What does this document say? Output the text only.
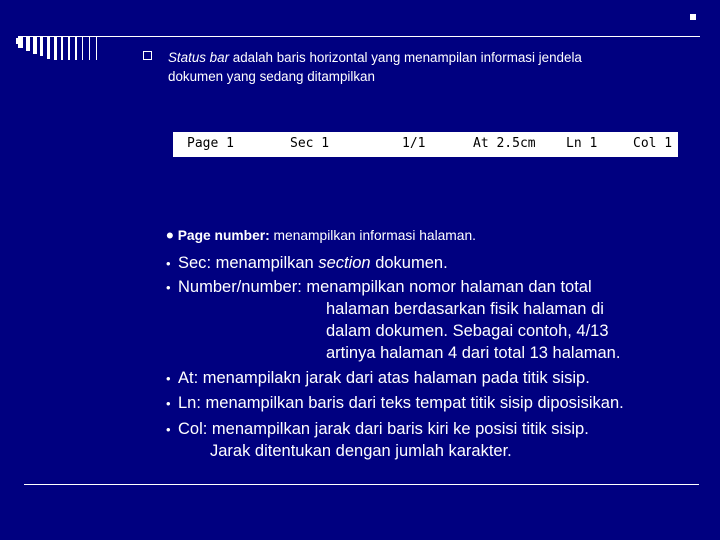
Status bar adalah baris horizontal yang menampilan informasi jendela
dokumen yang sedang ditampilkan
Page 1	Sec 1	1/1	At 2.5cm Ln 1	Col 1
• Page number: menampilkan informasi halaman.
• Sec: menampilkan section dokumen.
• Number/number: menampilkan nomor halaman dan total
halaman berdasarkan fisik halaman di
dalam dokumen. Sebagai contoh, 4/13
artinya halaman 4 dari total 13 halaman.
• At: menampilakn jarak dari atas halaman pada titik sisip.
• Ln: menampilkan baris dari teks tempat titik sisip diposisikan.
• Col: menampilkan jarak dari baris kiri ke posisi titik sisip.
Jarak ditentukan dengan jumlah karakter.
